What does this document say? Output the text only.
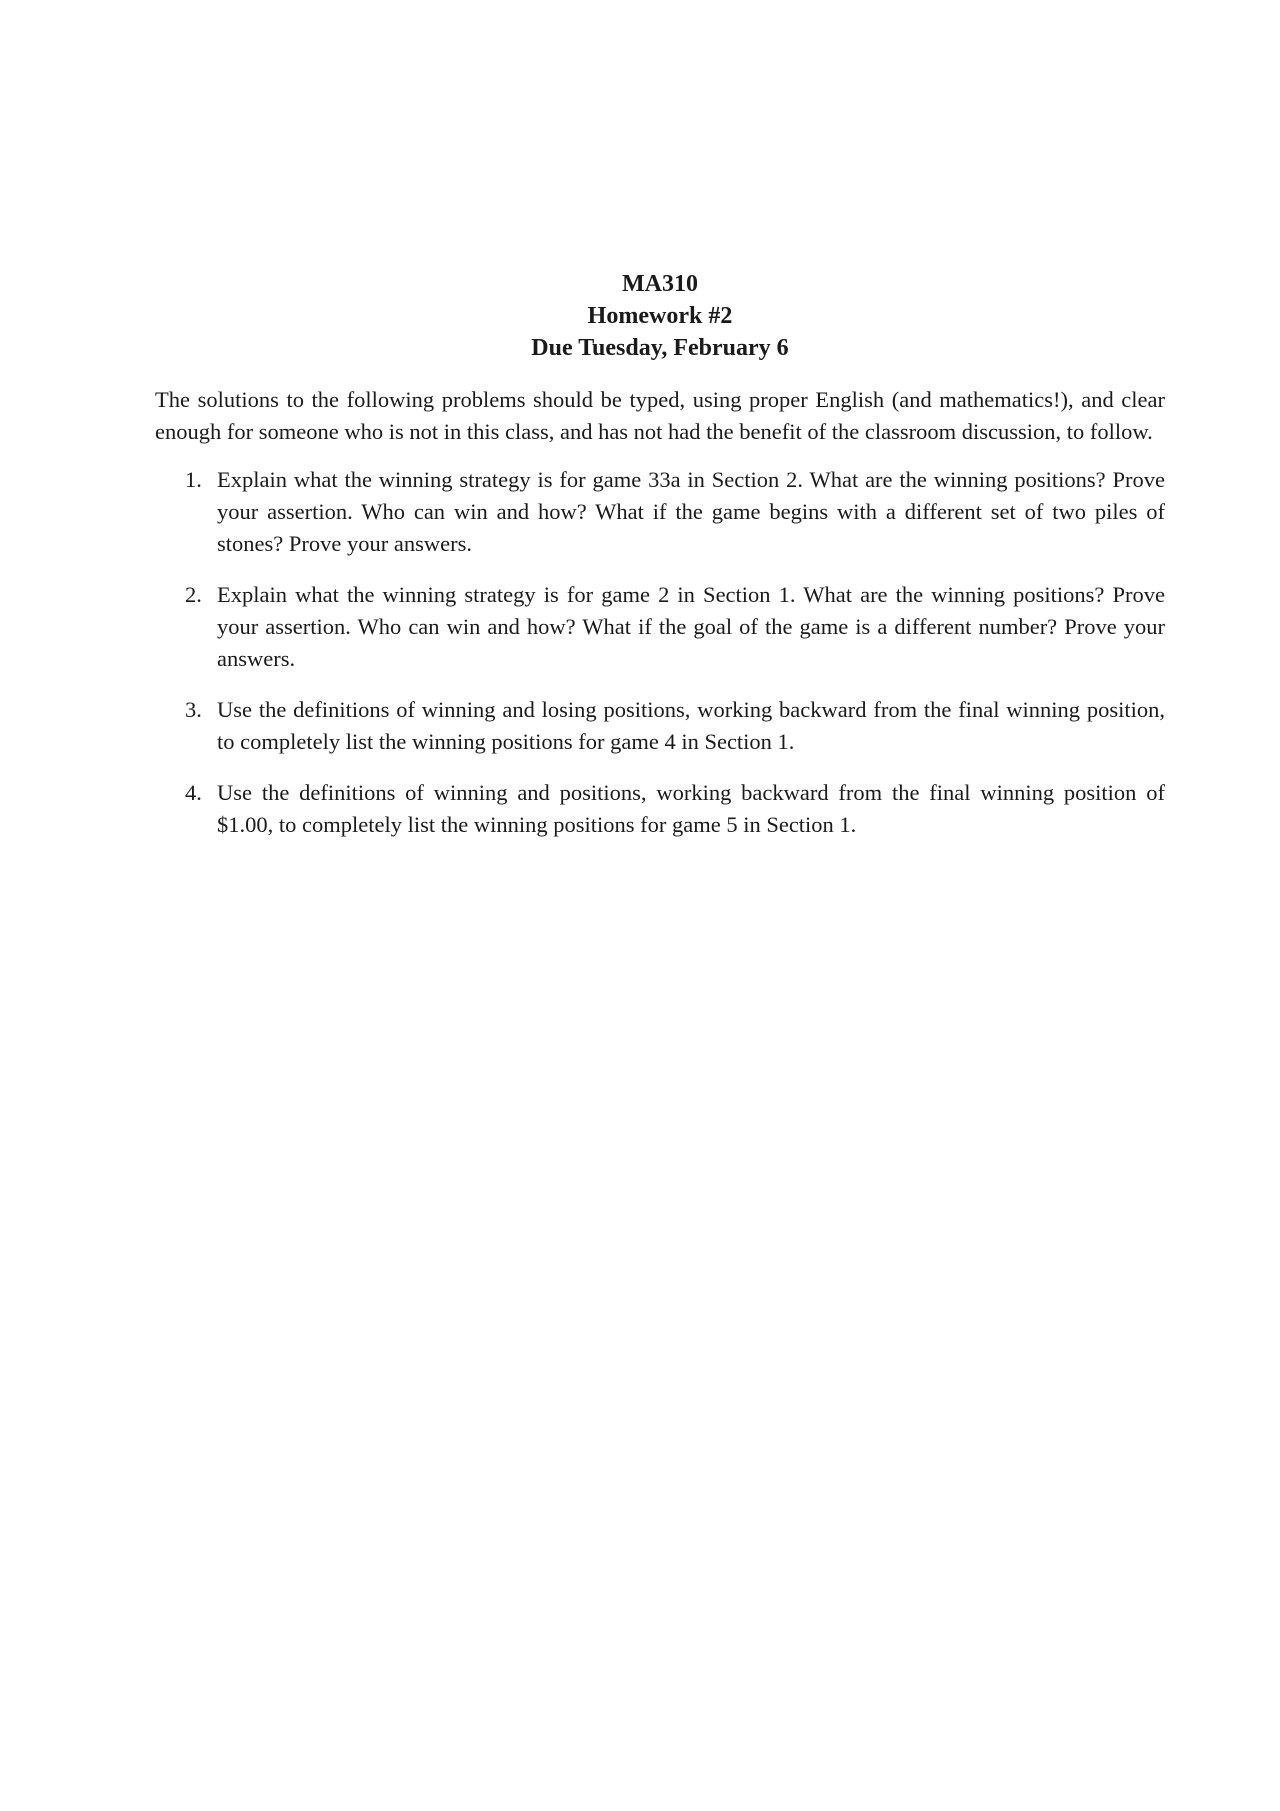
MA310
Homework #2
Due Tuesday, February 6

The solutions to the following problems should be typed, using proper English (and mathematics!), and clear enough for someone who is not in this class, and has not had the benefit of the classroom discussion, to follow.

1. Explain what the winning strategy is for game 33a in Section 2. What are the winning positions? Prove your assertion. Who can win and how? What if the game begins with a different set of two piles of stones? Prove your answers.
2. Explain what the winning strategy is for game 2 in Section 1. What are the winning positions? Prove your assertion. Who can win and how? What if the goal of the game is a different number? Prove your answers.
3. Use the definitions of winning and losing positions, working backward from the final winning position, to completely list the winning positions for game 4 in Section 1.
4. Use the definitions of winning and positions, working backward from the final winning position of $1.00, to completely list the winning positions for game 5 in Section 1.
